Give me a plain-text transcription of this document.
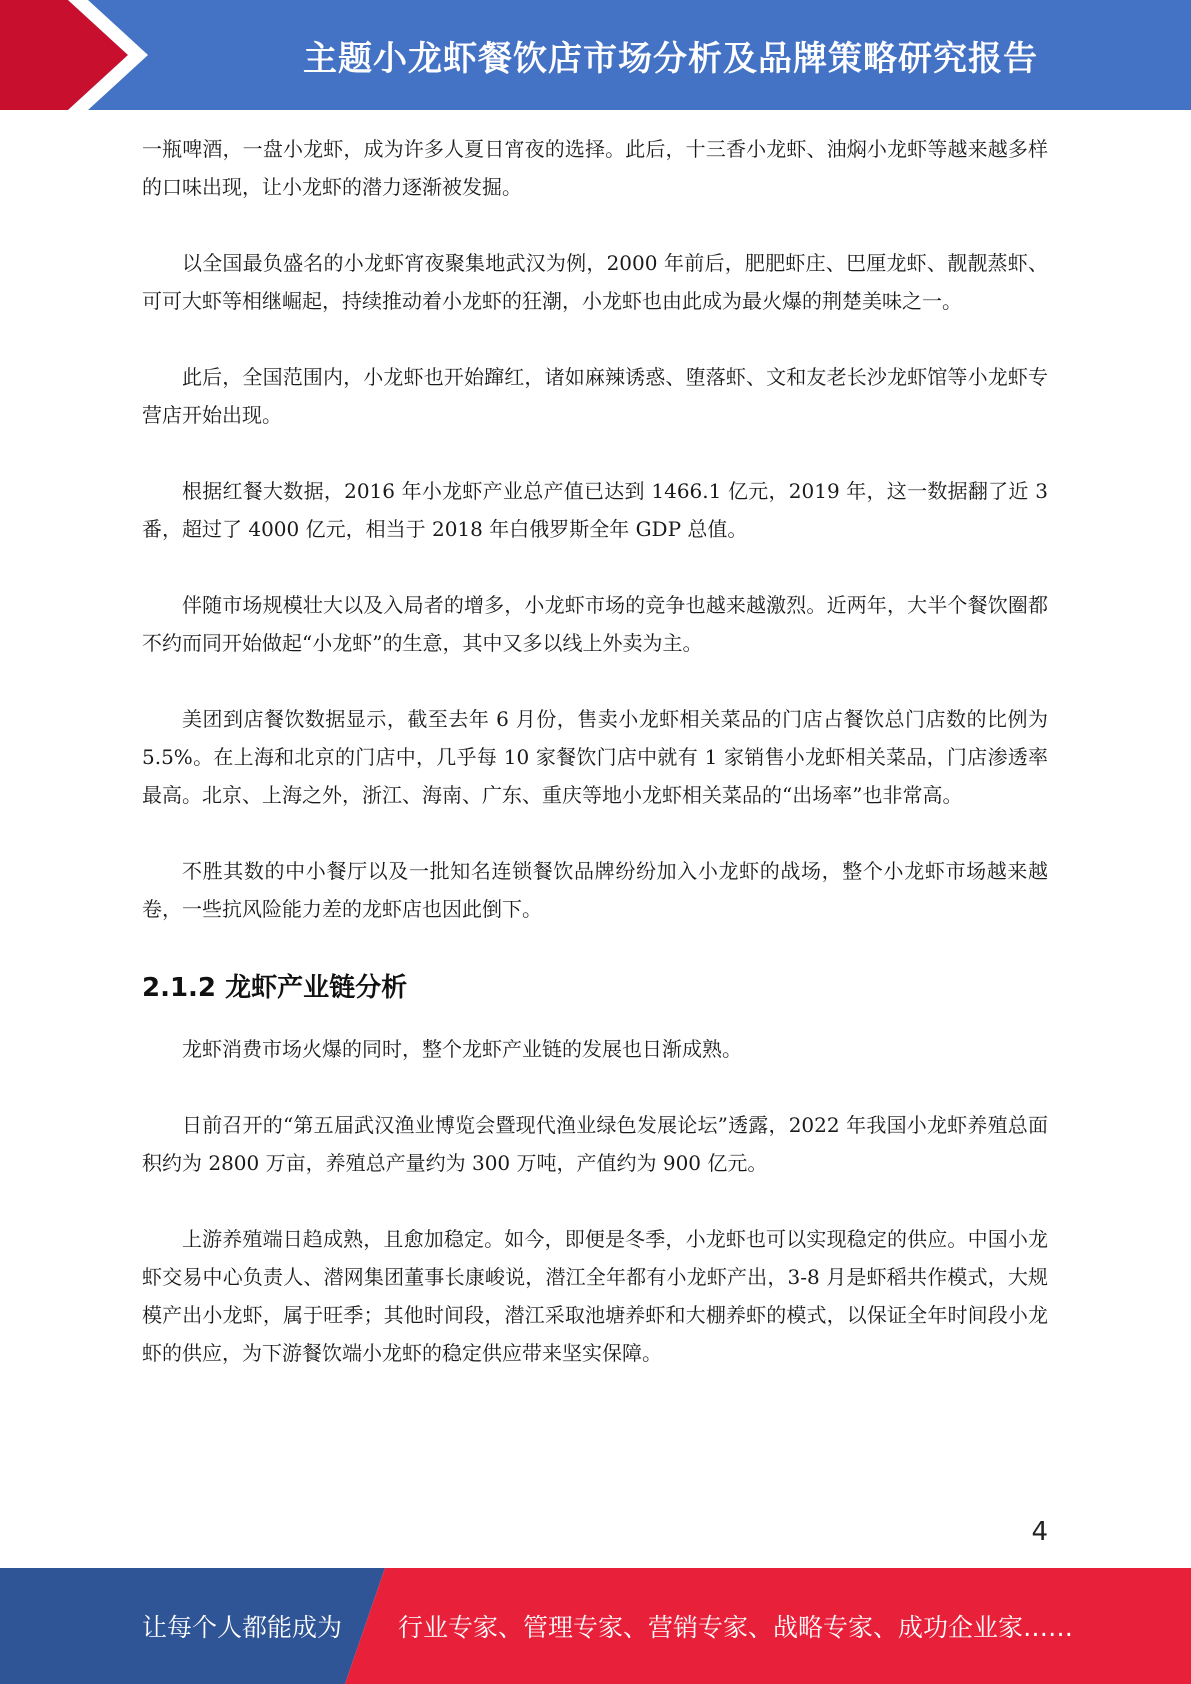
主题小龙虾餐饮店市场分析及品牌策略研究报告

一瓶啤酒，一盘小龙虾，成为许多人夏日宵夜的选择。此后，十三香小龙虾、油焖小龙虾等越来越多样的口味出现，让小龙虾的潜力逐渐被发掘。

以全国最负盛名的小龙虾宵夜聚集地武汉为例，2000 年前后，肥肥虾庄、巴厘龙虾、靓靓蒸虾、可可大虾等相继崛起，持续推动着小龙虾的狂潮，小龙虾也由此成为最火爆的荆楚美味之一。

此后，全国范围内，小龙虾也开始蹿红，诸如麻辣诱惑、堕落虾、文和友老长沙龙虾馆等小龙虾专营店开始出现。

根据红餐大数据，2016 年小龙虾产业总产值已达到 1466.1 亿元，2019 年，这一数据翻了近 3 番，超过了 4000 亿元，相当于 2018 年白俄罗斯全年 GDP 总值。

伴随市场规模壮大以及入局者的增多，小龙虾市场的竞争也越来越激烈。近两年，大半个餐饮圈都不约而同开始做起“小龙虾”的生意，其中又多以线上外卖为主。

美团到店餐饮数据显示，截至去年 6 月份，售卖小龙虾相关菜品的门店占餐饮总门店数的比例为 5.5%。在上海和北京的门店中，几乎每 10 家餐饮门店中就有 1 家销售小龙虾相关菜品，门店渗透率最高。北京、上海之外，浙江、海南、广东、重庆等地小龙虾相关菜品的“出场率”也非常高。

不胜其数的中小餐厅以及一批知名连锁餐饮品牌纷纷加入小龙虾的战场，整个小龙虾市场越来越卷，一些抗风险能力差的龙虾店也因此倒下。

2.1.2 龙虾产业链分析

龙虾消费市场火爆的同时，整个龙虾产业链的发展也日渐成熟。

日前召开的“第五届武汉渔业博览会暨现代渔业绿色发展论坛”透露，2022 年我国小龙虾养殖总面积约为 2800 万亩，养殖总产量约为 300 万吨，产值约为 900 亿元。

上游养殖端日趋成熟，且愈加稳定。如今，即便是冬季，小龙虾也可以实现稳定的供应。中国小龙虾交易中心负责人、潜网集团董事长康峻说，潜江全年都有小龙虾产出，3-8 月是虾稻共作模式，大规模产出小龙虾，属于旺季；其他时间段，潜江采取池塘养虾和大棚养虾的模式，以保证全年时间段小龙虾的供应，为下游餐饮端小龙虾的稳定供应带来坚实保障。

4
让每个人都能成为 行业专家、管理专家、营销专家、战略专家、成功企业家……
